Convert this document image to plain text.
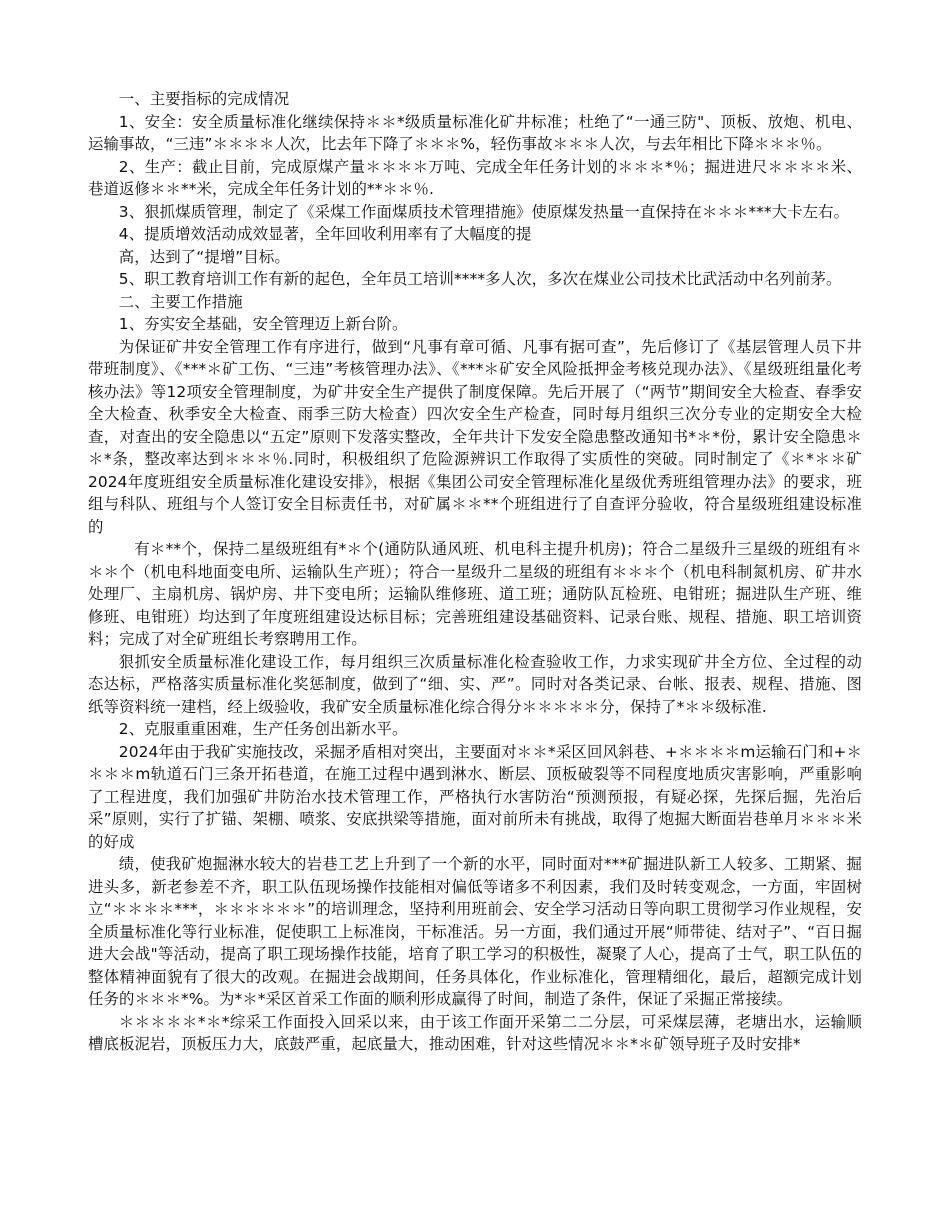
一、主要指标的完成情况

1、安全：安全质量标准化继续保持＊＊*级质量标准化矿井标准；杜绝了“一通三防"、顶板、放炮、机电、运输事故，“三违”＊＊＊＊人次，比去年下降了＊＊＊%，轻伤事故＊＊＊人次，与去年相比下降＊＊＊％。

2、生产：截止目前，完成原煤产量＊＊＊＊万吨、完成全年任务计划的＊＊＊*％；掘进进尺＊＊＊＊米、巷道返修＊＊**米，完成全年任务计划的**＊＊％.

3、狠抓煤质管理，制定了《采煤工作面煤质技术管理措施》使原煤发热量一直保持在＊＊＊***大卡左右。

4、提质增效活动成效显著，全年回收利用率有了大幅度的提

高，达到了“提增”目标。

5、职工教育培训工作有新的起色，全年员工培训****多人次，多次在煤业公司技术比武活动中名列前茅。

二、主要工作措施

1、夯实安全基础，安全管理迈上新台阶。

为保证矿井安全管理工作有序进行，做到“凡事有章可循、凡事有据可查”，先后修订了《基层管理人员下井带班制度》、《***＊矿工伤、“三违”考核管理办法》、《***＊矿安全风险抵押金考核兑现办法》、《星级班组量化考核办法》等12项安全管理制度，为矿井安全生产提供了制度保障。先后开展了（“两节”期间安全大检查、春季安全大检查、秋季安全大检查、雨季三防大检查）四次安全生产检查，同时每月组织三次分专业的定期安全大检查，对查出的安全隐患以“五定”原则下发落实整改，全年共计下发安全隐患整改通知书*＊*份，累计安全隐患＊＊*条，整改率达到＊＊＊％.同时，积极组织了危险源辨识工作取得了实质性的突破。同时制定了《＊*＊＊矿2024年度班组安全质量标准化建设安排》，根据《集团公司安全管理标准化星级优秀班组管理办法》的要求，班组与科队、班组与个人签订安全目标责任书，对矿属＊＊**个班组进行了自查评分验收，符合星级班组建设标准的

有＊**个，保持二星级班组有*＊个(通防队通风班、机电科主提升机房)；符合二星级升三星级的班组有＊＊＊个（机电科地面变电所、运输队生产班）；符合一星级升二星级的班组有＊＊＊个（机电科制氮机房、矿井水处理厂、主扇机房、锅炉房、井下变电所；运输队维修班、道工班；通防队瓦检班、电钳班；掘进队生产班、维修班、电钳班）均达到了年度班组建设达标目标；完善班组建设基础资料、记录台账、规程、措施、职工培训资料；完成了对全矿班组长考察聘用工作。

狠抓安全质量标准化建设工作，每月组织三次质量标准化检查验收工作，力求实现矿井全方位、全过程的动态达标，严格落实质量标准化奖惩制度，做到了“细、实、严”。同时对各类记录、台帐、报表、规程、措施、图纸等资料统一建档，经上级验收，我矿安全质量标准化综合得分＊＊＊＊＊分，保持了*＊＊级标准.

2、克服重重困难，生产任务创出新水平。

2024年由于我矿实施技改，采掘矛盾相对突出，主要面对＊＊*采区回风斜巷、+＊＊＊＊m运输石门和+＊＊＊＊m轨道石门三条开拓巷道，在施工过程中遇到淋水、断层、顶板破裂等不同程度地质灾害影响，严重影响了工程进度，我们加强矿井防治水技术管理工作，严格执行水害防治“预测预报，有疑必探，先探后掘，先治后采”原则，实行了扩锚、架棚、喷浆、安底拱梁等措施，面对前所未有挑战，取得了炮掘大断面岩巷单月＊＊＊米的好成

绩，使我矿炮掘淋水较大的岩巷工艺上升到了一个新的水平，同时面对***矿掘进队新工人较多、工期紧、掘进头多，新老参差不齐，职工队伍现场操作技能相对偏低等诸多不利因素，我们及时转变观念，一方面，牢固树立“＊＊＊＊***，＊＊＊＊＊＊”的培训理念，坚持利用班前会、安全学习活动日等向职工贯彻学习作业规程，安全质量标准化等行业标准，促使职工上标准岗，干标准活。另一方面，我们通过开展“师带徒、结对子”、“百日掘进大会战"等活动，提高了职工现场操作技能，培育了职工学习的积极性，凝聚了人心，提高了士气，职工队伍的整体精神面貌有了很大的改观。在掘进会战期间，任务具体化，作业标准化，管理精细化，最后，超额完成计划任务的＊＊＊*%。为*＊*采区首采工作面的顺利形成赢得了时间，制造了条件，保证了采掘正常接续。

＊＊＊＊＊*＊*综采工作面投入回采以来，由于该工作面开采第二二分层，可采煤层薄，老塘出水，运输顺槽底板泥岩，顶板压力大，底鼓严重，起底量大，推动困难，针对这些情况＊＊*＊矿领导班子及时安排*
